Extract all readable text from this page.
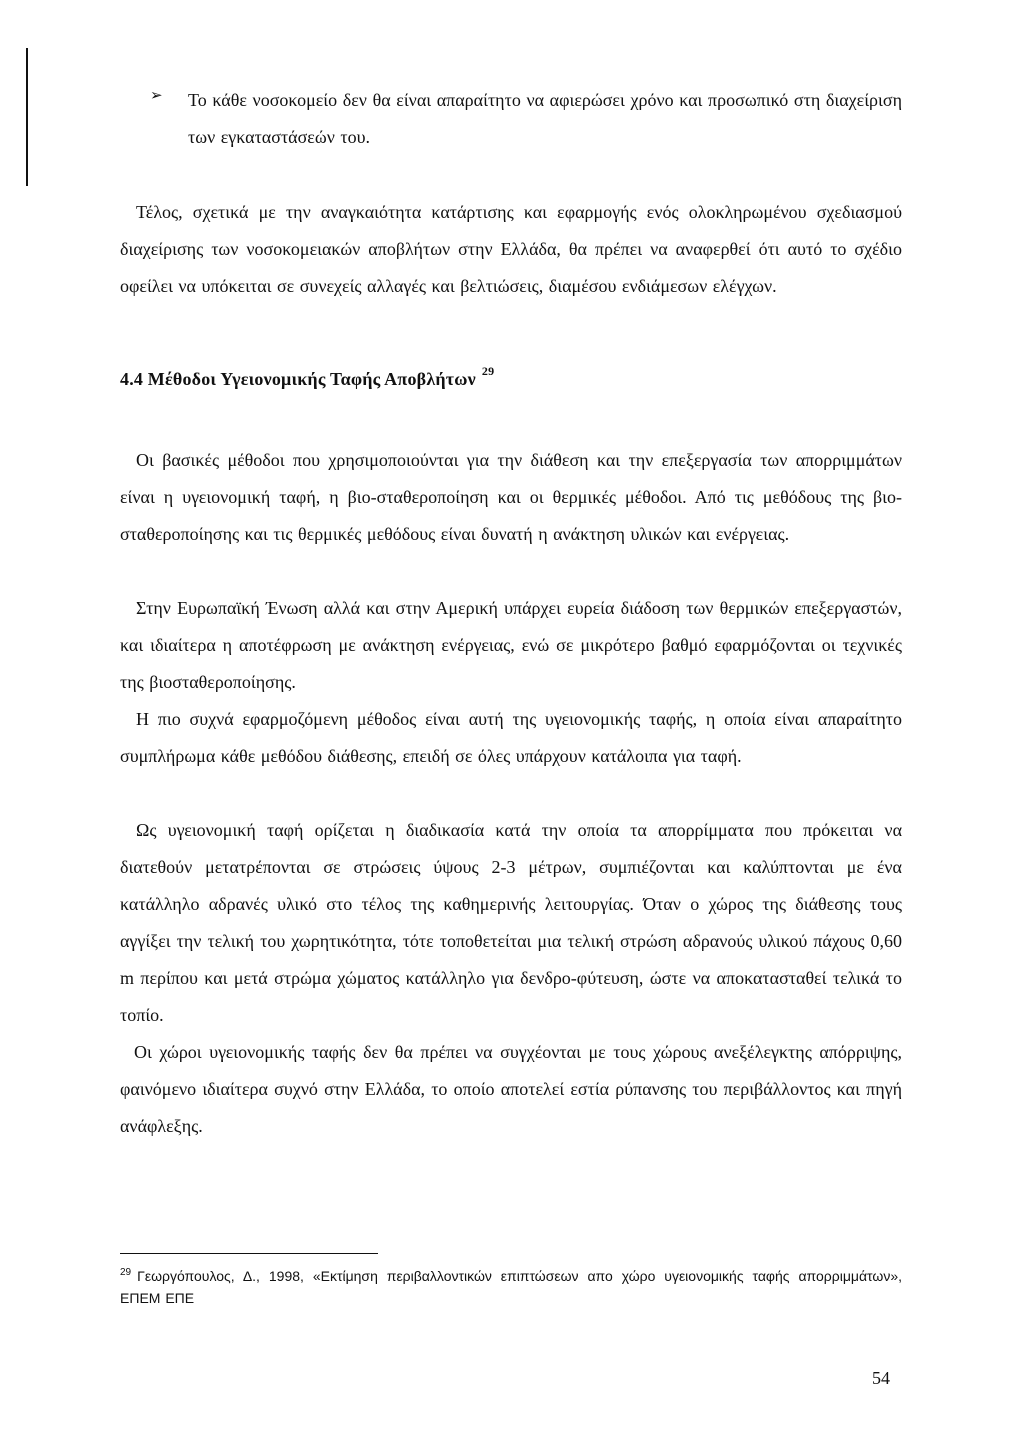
➢ Το κάθε νοσοκομείο δεν θα είναι απαραίτητο να αφιερώσει χρόνο και προσωπικό στη διαχείριση των εγκαταστάσεών του.
Τέλος, σχετικά με την αναγκαιότητα κατάρτισης και εφαρμογής ενός ολοκληρωμένου σχεδιασμού διαχείρισης των νοσοκομειακών αποβλήτων στην Ελλάδα, θα πρέπει να αναφερθεί ότι αυτό το σχέδιο οφείλει να υπόκειται σε συνεχείς αλλαγές και βελτιώσεις, διαμέσου ενδιάμεσων ελέγχων.
4.4 Μέθοδοι Υγειονομικής Ταφής Αποβλήτων $^{29}$
Οι βασικές μέθοδοι που χρησιμοποιούνται για την διάθεση και την επεξεργασία των απορριμμάτων είναι η υγειονομική ταφή, η βιο-σταθεροποίηση και οι θερμικές μέθοδοι. Από τις μεθόδους της βιο-σταθεροποίησης και τις θερμικές μεθόδους είναι δυνατή η ανάκτηση υλικών και ενέργειας.
Στην Ευρωπαϊκή Ένωση αλλά και στην Αμερική υπάρχει ευρεία διάδοση των θερμικών επεξεργαστών, και ιδιαίτερα η αποτέφρωση με ανάκτηση ενέργειας, ενώ σε μικρότερο βαθμό εφαρμόζονται οι τεχνικές της βιοσταθεροποίησης.
Η πιο συχνά εφαρμοζόμενη μέθοδος είναι αυτή της υγειονομικής ταφής, η οποία είναι απαραίτητο συμπλήρωμα κάθε μεθόδου διάθεσης, επειδή σε όλες υπάρχουν κατάλοιπα για ταφή.
Ως υγειονομική ταφή ορίζεται η διαδικασία κατά την οποία τα απορρίμματα που πρόκειται να διατεθούν μετατρέπονται σε στρώσεις ύψους 2-3 μέτρων, συμπιέζονται και καλύπτονται με ένα κατάλληλο αδρανές υλικό στο τέλος της καθημερινής λειτουργίας. Όταν ο χώρος της διάθεσης τους αγγίξει την τελική του χωρητικότητα, τότε τοποθετείται μια τελική στρώση αδρανούς υλικού πάχους 0,60 m περίπου και μετά στρώμα χώματος κατάλληλο για δενδρο-φύτευση, ώστε να αποκατασταθεί τελικά το τοπίο.
Οι χώροι υγειονομικής ταφής δεν θα πρέπει να συγχέονται με τους χώρους ανεξέλεγκτης απόρριψης, φαινόμενο ιδιαίτερα συχνό στην Ελλάδα, το οποίο αποτελεί εστία ρύπανσης του περιβάλλοντος και πηγή ανάφλεξης.
$^{29}$ Γεωργόπουλος, Δ., 1998, «Εκτίμηση περιβαλλοντικών επιπτώσεων απο χώρο υγειονομικής ταφής απορριμμάτων», ΕΠΕΜ ΕΠΕ
54
